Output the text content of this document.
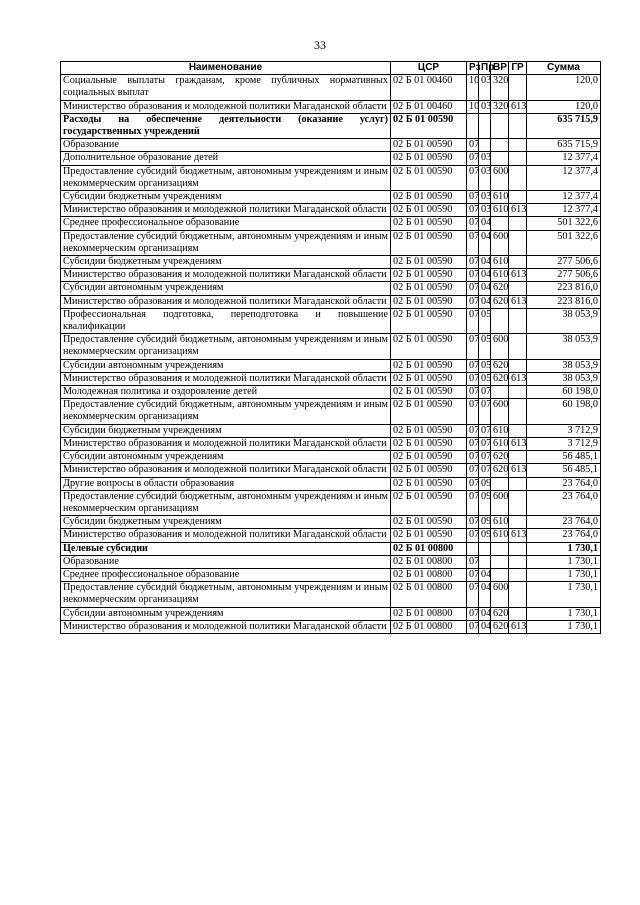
33
Наименование	ЦСР	Рз	Пр	ВР	ГР	Сумма
Социальные выплаты гражданам, кроме публичных нормативных социальных выплат	02 Б 01 00460	10	03	320		120,0
Министерство образования и молодежной политики Магаданской области	02 Б 01 00460	10	03	320	613	120,0
Расходы на обеспечение деятельности (оказание услуг) государственных учреждений	02 Б 01 00590					635 715,9
Образование	02 Б 01 00590	07				635 715,9
Дополнительное образование детей	02 Б 01 00590	07	03			12 377,4
Предоставление субсидий бюджетным, автономным учреждениям и иным некоммерческим организациям	02 Б 01 00590	07	03	600		12 377,4
Субсидии бюджетным учреждениям	02 Б 01 00590	07	03	610		12 377,4
Министерство образования и молодежной политики Магаданской области	02 Б 01 00590	07	03	610	613	12 377,4
Среднее профессиональное образование	02 Б 01 00590	07	04			501 322,6
Предоставление субсидий бюджетным, автономным учреждениям и иным некоммерческим организациям	02 Б 01 00590	07	04	600		501 322,6
Субсидии бюджетным учреждениям	02 Б 01 00590	07	04	610		277 506,6
Министерство образования и молодежной политики Магаданской области	02 Б 01 00590	07	04	610	613	277 506,6
Субсидии автономным учреждениям	02 Б 01 00590	07	04	620		223 816,0
Министерство образования и молодежной политики Магаданской области	02 Б 01 00590	07	04	620	613	223 816,0
Профессиональная подготовка, переподготовка и повышение квалификации	02 Б 01 00590	07	05			38 053,9
Предоставление субсидий бюджетным, автономным учреждениям и иным некоммерческим организациям	02 Б 01 00590	07	05	600		38 053,9
Субсидии автономным учреждениям	02 Б 01 00590	07	05	620		38 053,9
Министерство образования и молодежной политики Магаданской области	02 Б 01 00590	07	05	620	613	38 053,9
Молодежная политика и оздоровление детей	02 Б 01 00590	07	07			60 198,0
Предоставление субсидий бюджетным, автономным учреждениям и иным некоммерческим организациям	02 Б 01 00590	07	07	600		60 198,0
Субсидии бюджетным учреждениям	02 Б 01 00590	07	07	610		3 712,9
Министерство образования и молодежной политики Магаданской области	02 Б 01 00590	07	07	610	613	3 712,9
Субсидии автономным учреждениям	02 Б 01 00590	07	07	620		56 485,1
Министерство образования и молодежной политики Магаданской области	02 Б 01 00590	07	07	620	613	56 485,1
Другие вопросы в области образования	02 Б 01 00590	07	09			23 764,0
Предоставление субсидий бюджетным, автономным учреждениям и иным некоммерческим организациям	02 Б 01 00590	07	09	600		23 764,0
Субсидии бюджетным учреждениям	02 Б 01 00590	07	09	610		23 764,0
Министерство образования и молодежной политики Магаданской области	02 Б 01 00590	07	09	610	613	23 764,0
Целевые субсидии	02 Б 01 00800					1 730,1
Образование	02 Б 01 00800	07				1 730,1
Среднее профессиональное образование	02 Б 01 00800	07	04			1 730,1
Предоставление субсидий бюджетным, автономным учреждениям и иным некоммерческим организациям	02 Б 01 00800	07	04	600		1 730,1
Субсидии автономным учреждениям	02 Б 01 00800	07	04	620		1 730,1
Министерство образования и молодежной политики Магаданской области	02 Б 01 00800	07	04	620	613	1 730,1
